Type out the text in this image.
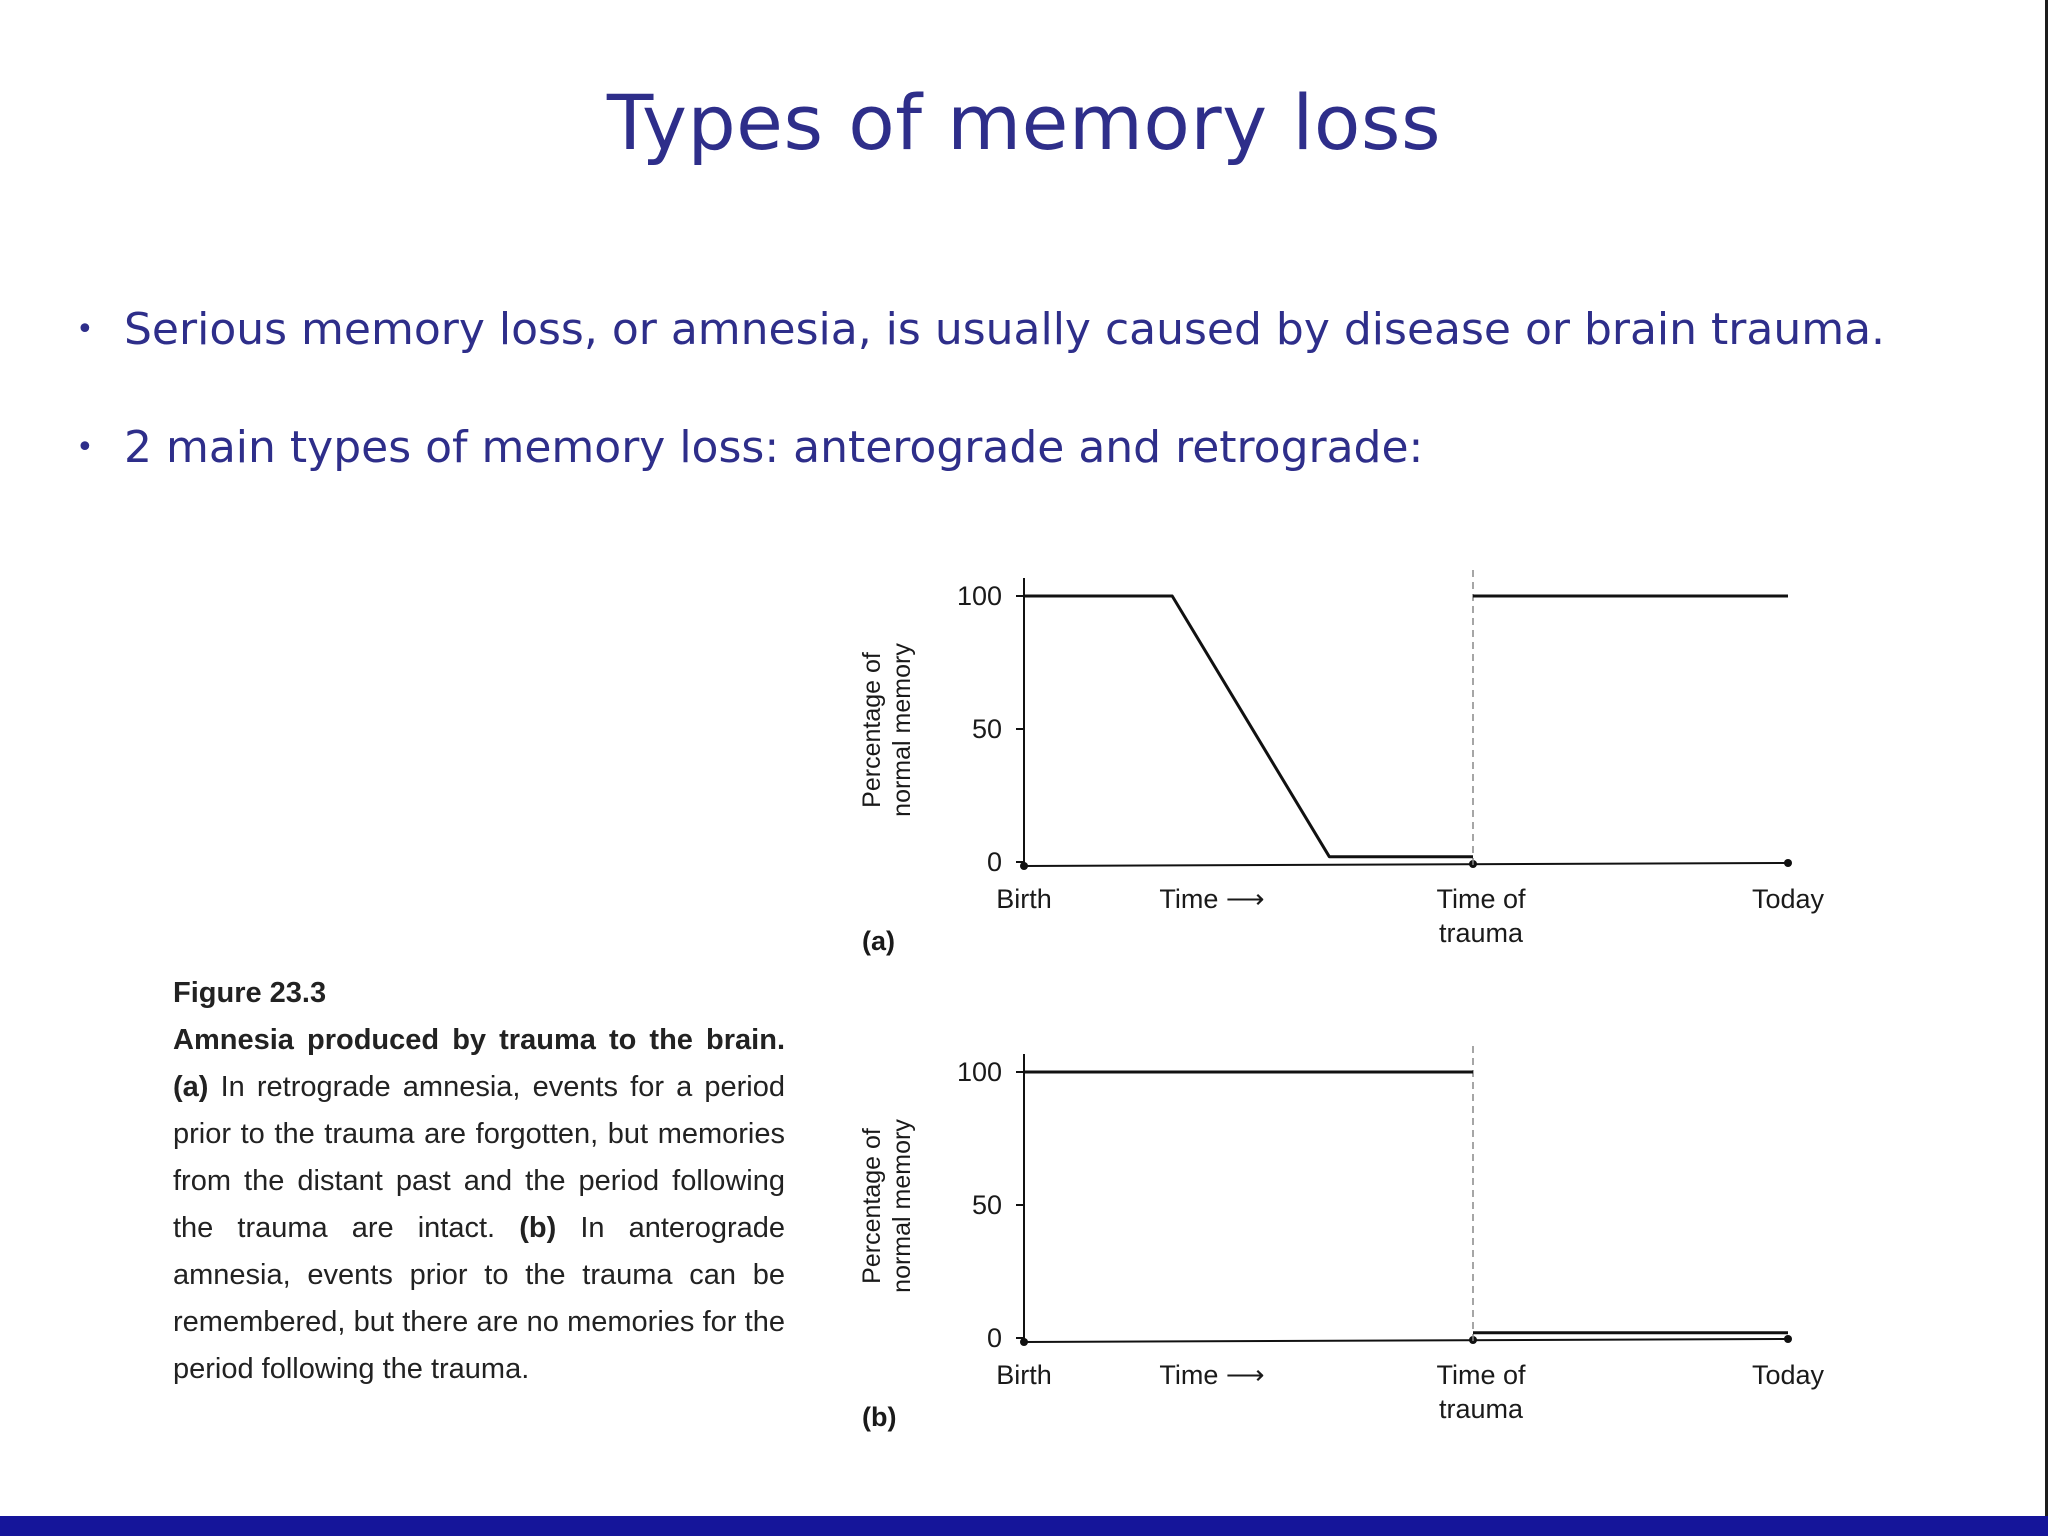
Types of memory loss
• Serious memory loss, or amnesia, is usually caused by disease or brain trauma.
• 2 main types of memory loss: anterograde and retrograde:
Figure 23.3
Amnesia produced by trauma to the brain. (a) In retrograde amnesia, events for a period prior to the trauma are forgotten, but memories from the distant past and the period following the trauma are intact. (b) In anterograde amnesia, events prior to the trauma can be remembered, but there are no memories for the period following the trauma.
0
50
100
Percentage of normal memory
Birth	Time ⟶	Time of
trauma
Today
(a)
0
50
100
Percentage of normal memory
Birth	Time ⟶	Time of
trauma
Today
(b)
